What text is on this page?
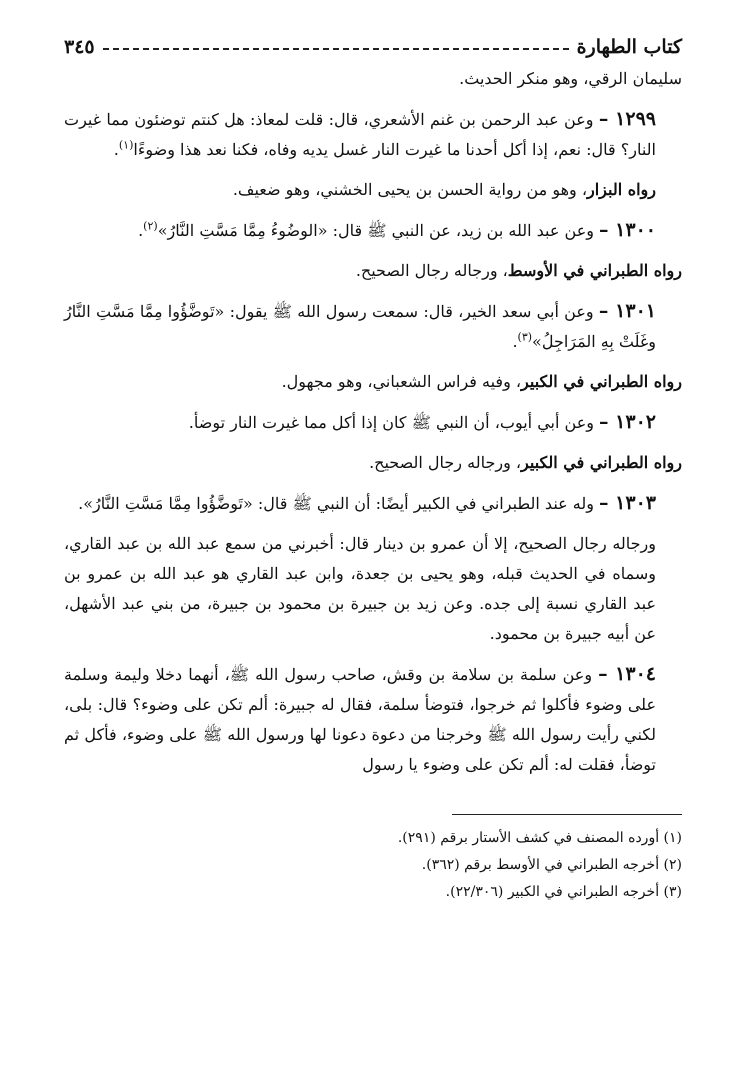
كتاب الطهارة
٣٤٥

سليمان الرقي، وهو منكر الحديث.

١٢٩٩ – وعن عبد الرحمن بن غنم الأشعري، قال: قلت لمعاذ: هل كنتم توضئون مما غيرت النار؟ قال: نعم، إذا أكل أحدنا ما غيرت النار غسل يديه وفاه، فكنا نعد هذا وضوءًا$^{(١)}$.

رواه البزار، وهو من رواية الحسن بن يحيى الخشني، وهو ضعيف.

١٣٠٠ – وعن عبد الله بن زيد، عن النبي ﷺ قال: «الوضُوءُ مِمَّا مَسَّتِ النَّارُ»$^{(٢)}$.

رواه الطبراني في الأوسط، ورجاله رجال الصحيح.

١٣٠١ – وعن أبي سعد الخير، قال: سمعت رسول الله ﷺ يقول: «تَوضَّؤُوا مِمَّا مَسَّتِ النَّارُ وغَلَتْ بِهِ المَرَاجِلُ»$^{(٣)}$.

رواه الطبراني في الكبير، وفيه فراس الشعباني، وهو مجهول.

١٣٠٢ – وعن أبي أيوب، أن النبي ﷺ كان إذا أكل مما غيرت النار توضأ.

رواه الطبراني في الكبير، ورجاله رجال الصحيح.

١٣٠٣ – وله عند الطبراني في الكبير أيضًا: أن النبي ﷺ قال: «تَوضَّؤُوا مِمَّا مَسَّتِ النَّارُ».

ورجاله رجال الصحيح، إلا أن عمرو بن دينار قال: أخبرني من سمع عبد الله بن عبد القاري، وسماه في الحديث قبله، وهو يحيى بن جعدة، وابن عبد القاري هو عبد الله بن عمرو بن عبد القاري نسبة إلى جده. وعن زيد بن جبيرة بن محمود بن جبيرة، من بني عبد الأشهل، عن أبيه جبيرة بن محمود.

١٣٠٤ – وعن سلمة بن سلامة بن وقش، صاحب رسول الله ﷺ، أنهما دخلا وليمة وسلمة على وضوء فأكلوا ثم خرجوا، فتوضأ سلمة، فقال له جبيرة: ألم تكن على وضوء؟ قال: بلى، لكني رأيت رسول الله ﷺ وخرجنا من دعوة دعونا لها ورسول الله ﷺ على وضوء، فأكل ثم توضأ، فقلت له: ألم تكن على وضوء يا رسول

(١) أورده المصنف في كشف الأستار برقم (٢٩١).
(٢) أخرجه الطبراني في الأوسط برقم (٣٦٢).
(٣) أخرجه الطبراني في الكبير (٢٢/٣٠٦).
